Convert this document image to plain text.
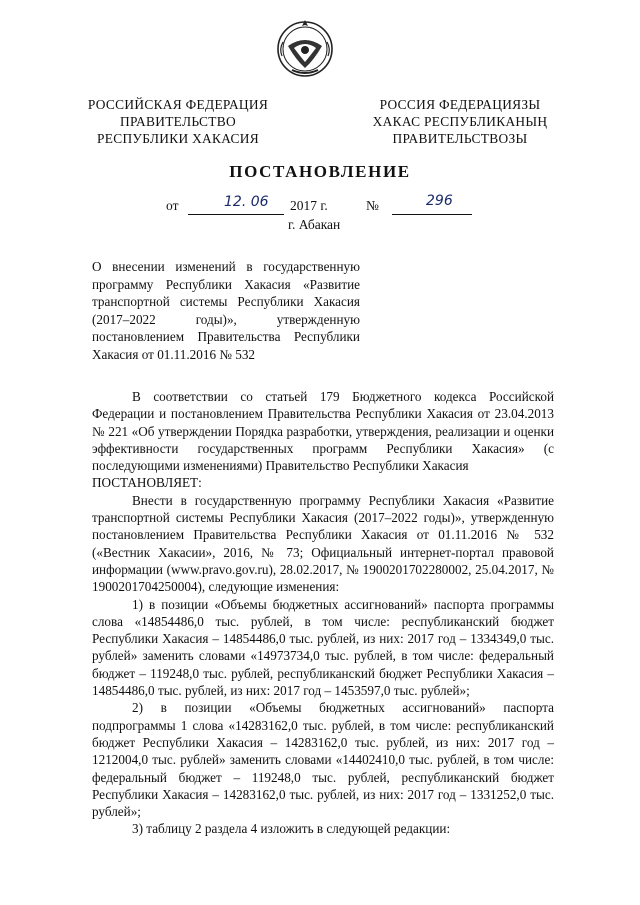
РОССИЙСКАЯ ФЕДЕРАЦИЯ
ПРАВИТЕЛЬСТВО
РЕСПУБЛИКИ ХАКАСИЯ
РОССИЯ ФЕДЕРАЦИЯЗЫ
ХАКАС РЕСПУБЛИКАНЫҢ
ПРАВИТЕЛЬСТВОЗЫ
ПОСТАНОВЛЕНИЕ
от	12. 06 2017 г.	№	296
г. Абакан
О внесении изменений в государственную программу Республики Хакасия «Развитие транспортной системы Республики Хакасия (2017–2022 годы)», утвержденную постановлением Правительства Республики Хакасия от 01.11.2016 № 532

В соответствии со статьей 179 Бюджетного кодекса Российской Федерации и постановлением Правительства Республики Хакасия от 23.04.2013 № 221 «Об утверждении Порядка разработки, утверждения, реализации и оценки эффективности государственных программ Республики Хакасия» (с последующими изменениями) Правительство Республики Хакасия

ПОСТАНОВЛЯЕТ:

Внести в государственную программу Республики Хакасия «Развитие транспортной системы Республики Хакасия (2017–2022 годы)», утвержденную постановлением Правительства Республики Хакасия от 01.11.2016 № 532 («Вестник Хакасии», 2016, № 73; Официальный интернет-портал правовой информации (www.pravo.gov.ru), 28.02.2017, № 1900201702280002, 25.04.2017, № 1900201704250004), следующие изменения:

1) в позиции «Объемы бюджетных ассигнований» паспорта программы слова «14854486,0 тыс. рублей, в том числе: республиканский бюджет Республики Хакасия – 14854486,0 тыс. рублей, из них: 2017 год – 1334349,0 тыс. рублей» заменить словами «14973734,0 тыс. рублей, в том числе: федеральный бюджет – 119248,0 тыс. рублей, республиканский бюджет Республики Хакасия – 14854486,0 тыс. рублей, из них: 2017 год – 1453597,0 тыс. рублей»;

2) в позиции «Объемы бюджетных ассигнований» паспорта подпрограммы 1 слова «14283162,0 тыс. рублей, в том числе: республиканский бюджет Республики Хакасия – 14283162,0 тыс. рублей, из них: 2017 год – 1212004,0 тыс. рублей» заменить словами «14402410,0 тыс. рублей, в том числе: федеральный бюджет – 119248,0 тыс. рублей, республиканский бюджет Республики Хакасия – 14283162,0 тыс. рублей, из них: 2017 год – 1331252,0 тыс. рублей»;

3) таблицу 2 раздела 4 изложить в следующей редакции:
